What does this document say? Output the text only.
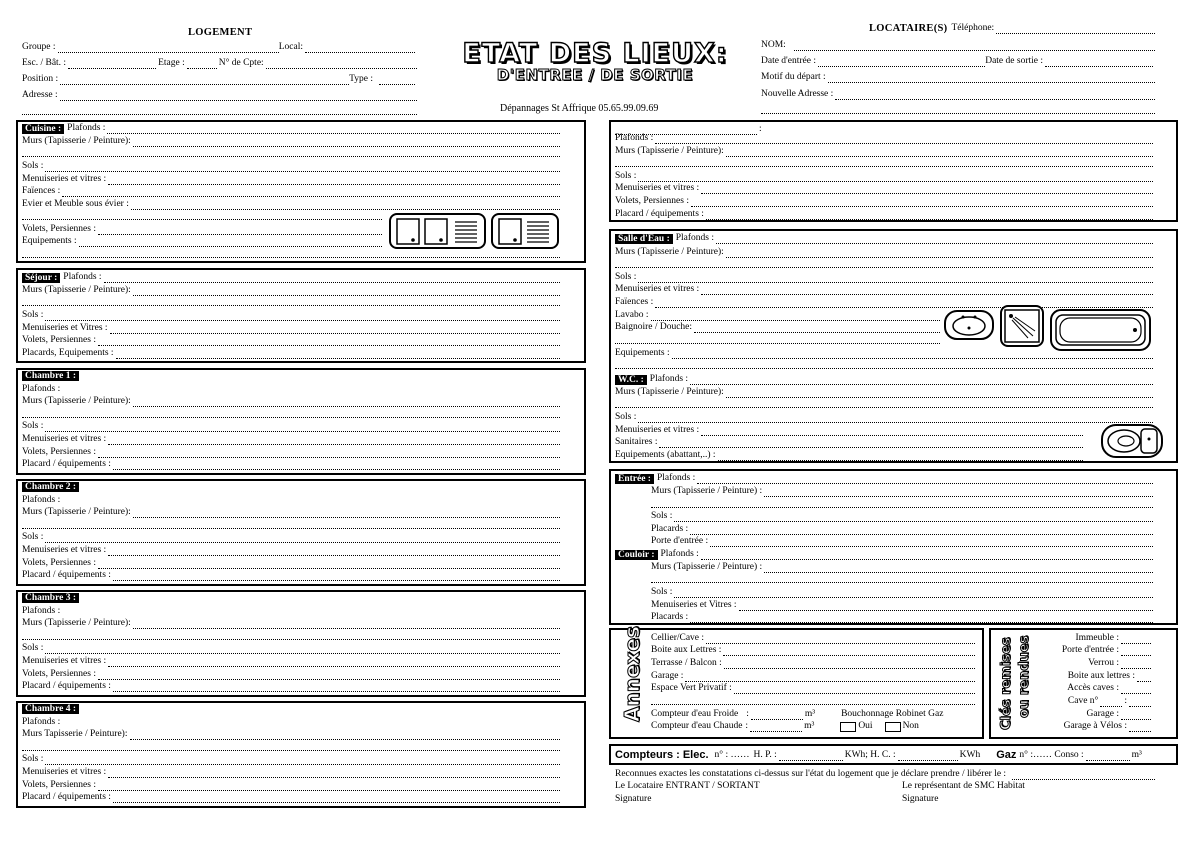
LOGEMENT
Groupe :	Local:
Esc. / Bât. :	Etage :	N° de Cpte:
Position :	Type :
Adresse :
ETAT DES LIEUX:
D'ENTREE / DE SORTIE
Dépannages St Affrique 05.65.99.09.69
LOCATAIRE(S) Téléphone:
NOM:
Date d'entrée :	Date de sortie :
Motif du départ :
Nouvelle Adresse :
Cuisine : Plafonds :
Murs (Tapisserie / Peinture):
Sols :
Menuiseries et vitres :
Faïences :
Evier et Meuble sous évier :
Volets, Persiennes :
Equipements :
Séjour : Plafonds :
Murs (Tapisserie / Peinture):
Sols :
Menuiseries et Vitres :
Volets, Persiennes :
Placards, Equipements :
Chambre 1 :
Plafonds :
Murs (Tapisserie / Peinture):
Sols :
Menuiseries et vitres :
Volets, Persiennes :
Placard / équipements :
Chambre 2 :
Plafonds :
Murs (Tapisserie / Peinture):
Sols :
Menuiseries et vitres :
Volets, Persiennes :
Placard / équipements :
Chambre 3 :
Plafonds :
Murs (Tapisserie / Peinture):
Sols :
Menuiseries et vitres :
Volets, Persiennes :
Placard / équipements :
Chambre 4 :
Plafonds :
Murs Tapisserie / Peinture):
Sols :
Menuiseries et vitres :
Volets, Persiennes :
Placard / équipements :
:
Plafonds :
Murs (Tapisserie / Peinture):
Sols :
Menuiseries et vitres :
Volets, Persiennes :
Placard / équipements :
Salle d'Eau : Plafonds :
Murs (Tapisserie / Peinture):
Sols :
Menuiseries et vitres :
Faïences :
Lavabo :
Baignoire / Douche:
Equipements :
W.C. : Plafonds :
Murs (Tapisserie / Peinture):
Sols :
Menuiseries et vitres :
Sanitaires :
Equipements (abattant,..) :
Entrée : Plafonds :
Murs (Tapisserie / Peinture) :
Sols :
Placards :
Porte d'entrée :
Couloir : Plafonds :
Murs (Tapisserie / Peinture) :
Sols :
Menuiseries et Vitres :
Placards :
Annexes Cellier/Cave :
Boite aux Lettres :
Terrasse / Balcon :
Garage :
Espace Vert Privatif :
Compteur d'eau Froide :	m³	Bouchonnage Robinet Gaz
Compteur d'eau Chaude :	m³	Oui	Non	Clés remises ou rendues	Immeuble :
Porte d'entrée :
Verrou :
Boite aux lettres :
Accès caves :
Cave n°	:
Garage :
Garage à Vélos :
Compteurs : Elec. n° : …… H. P. :	KWh; H. C. :	KWh Gaz n° :…… Conso :	m³
Reconnues exactes les constatations ci-dessus sur l'état du logement que je déclare prendre / libérer le :
Le Locataire ENTRANT / SORTANT	Le représentant de SMC Habitat
Signature	Signature
